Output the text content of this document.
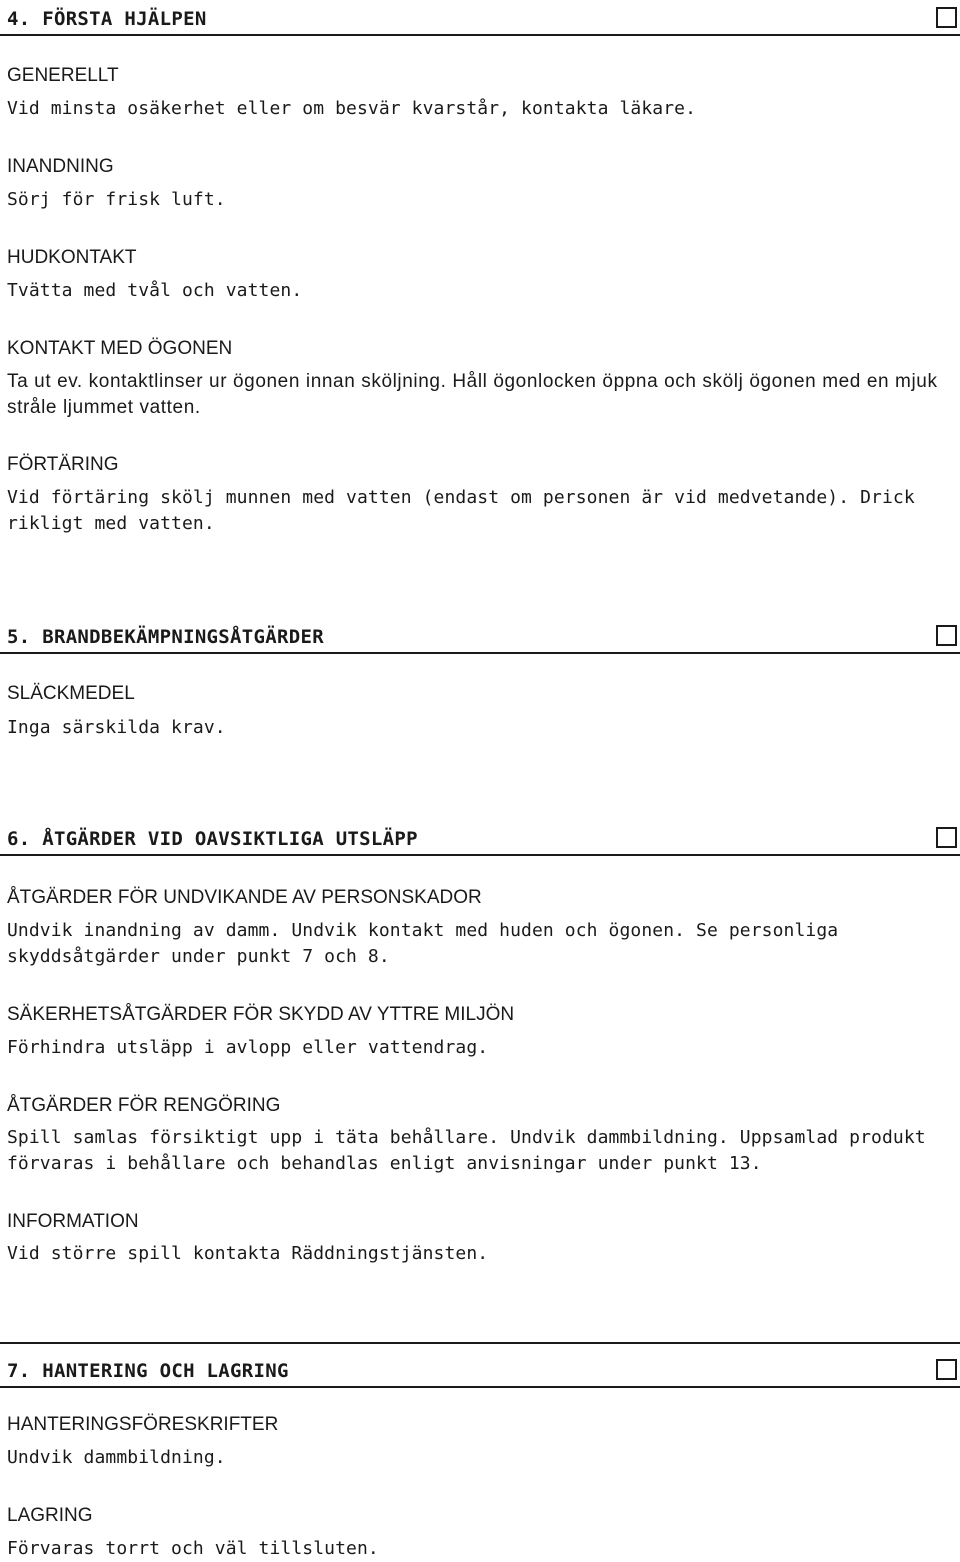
4. FÖRSTA HJÄLPEN
GENERELLT
Vid minsta osäkerhet eller om besvär kvarstår, kontakta läkare.
INANDNING
Sörj för frisk luft.
HUDKONTAKT
Tvätta med tvål och vatten.
KONTAKT MED ÖGONEN
Ta ut ev. kontaktlinser ur ögonen innan sköljning. Håll ögonlocken öppna och skölj ögonen med en mjuk stråle ljummet vatten.
FÖRTÄRING
Vid förtäring skölj munnen med vatten (endast om personen är vid medvetande). Drick rikligt med vatten.
5. BRANDBEKÄMPNINGSÅTGÄRDER
SLÄCKMEDEL
Inga särskilda krav.
6. ÅTGÄRDER VID OAVSIKTLIGA UTSLÄPP
ÅTGÄRDER FÖR UNDVIKANDE AV PERSONSKADOR
Undvik inandning av damm. Undvik kontakt med huden och ögonen. Se personliga skyddsåtgärder under punkt 7 och 8.
SÄKERHETSÅTGÄRDER FÖR SKYDD AV YTTRE MILJÖN
Förhindra utsläpp i avlopp eller vattendrag.
ÅTGÄRDER FÖR RENGÖRING
Spill samlas försiktigt upp i täta behållare. Undvik dammbildning. Uppsamlad produkt förvaras i behållare och behandlas enligt anvisningar under punkt 13.
INFORMATION
Vid större spill kontakta Räddningstjänsten.
7. HANTERING OCH LAGRING
HANTERINGSFÖRESKRIFTER
Undvik dammbildning.
LAGRING
Förvaras torrt och väl tillsluten.
